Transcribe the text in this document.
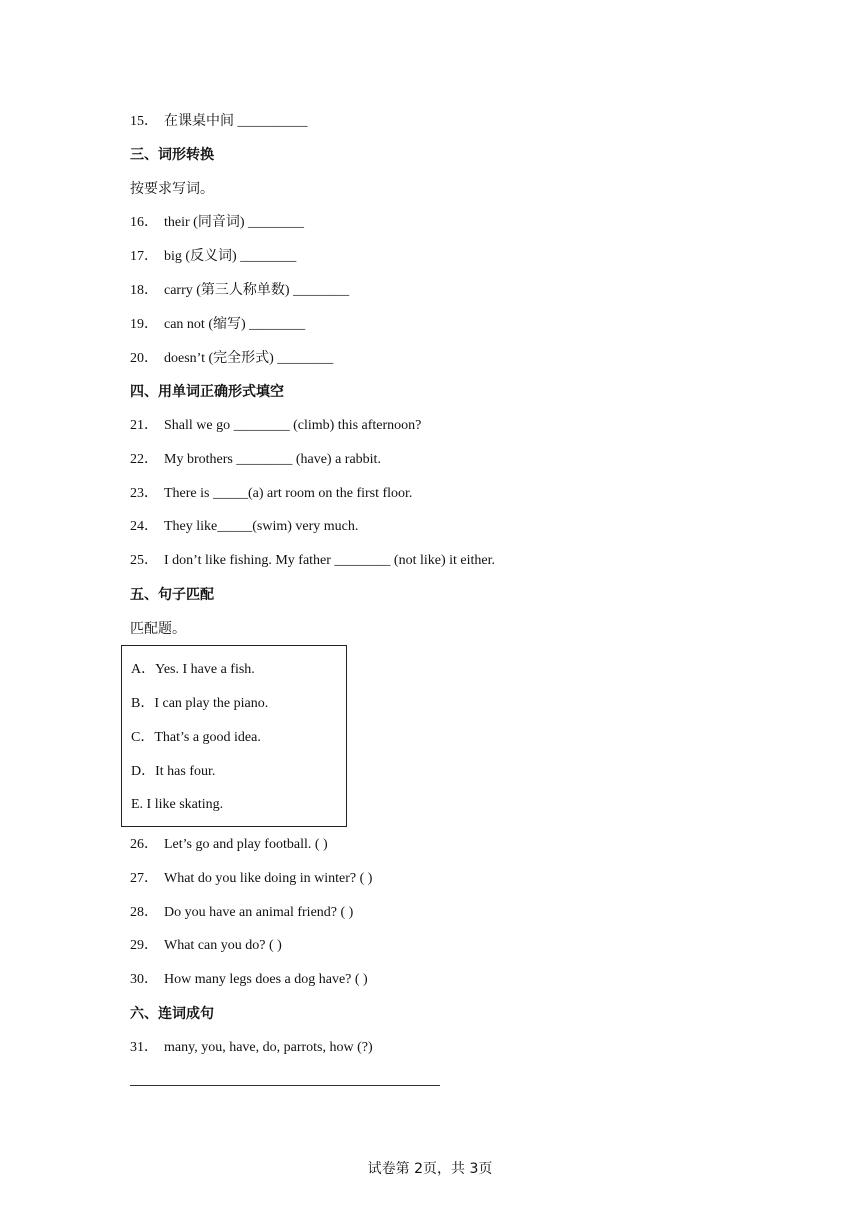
15． 在课桌中间 __________
三、词形转换
按要求写词。
16． their (同音词) ________
17． big (反义词) ________
18． carry (第三人称单数) ________
19． can not (缩写) ________
20． doesn’t (完全形式) ________
四、用单词正确形式填空
21． Shall we go ________ (climb) this afternoon?
22． My brothers ________ (have) a rabbit.
23． There is _____(a) art room on the first floor.
24． They like_____(swim) very much.
25． I don’t like fishing. My father ________ (not like) it either.
五、句子匹配
匹配题。
A．Yes. I have a fish.
B．I can play the piano.
C．That’s a good idea.
D．It has four.
E. I like skating.
26． Let’s go and play football. ( )
27． What do you like doing in winter? ( )
28． Do you have an animal friend? ( )
29． What can you do? ( )
30． How many legs does a dog have? ( )
六、连词成句
31． many, you, have, do, parrots, how (?)
试卷第 2页，共 3页
